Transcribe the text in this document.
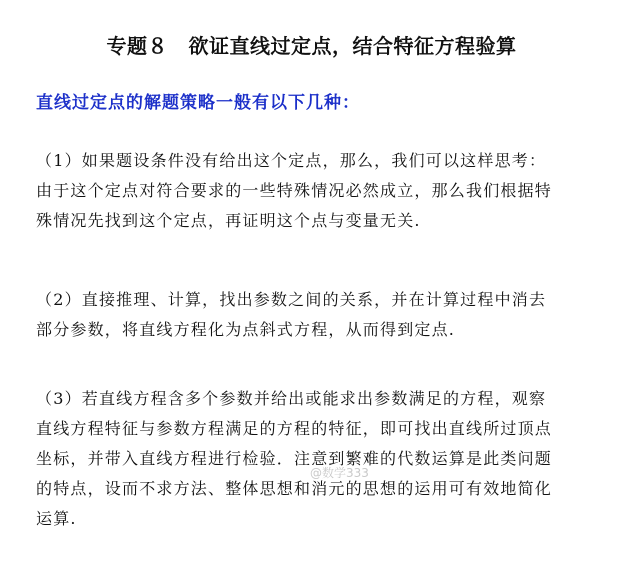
专题８　欲证直线过定点，结合特征方程验算
直线过定点的解题策略一般有以下几种：
（1）如果题设条件没有给出这个定点，那么，我们可以这样思考：
由于这个定点对符合要求的一些特殊情况必然成立，那么我们根据特
殊情况先找到这个定点，再证明这个点与变量无关.
（2）直接推理、计算，找出参数之间的关系，并在计算过程中消去
部分参数，将直线方程化为点斜式方程，从而得到定点.
（3）若直线方程含多个参数并给出或能求出参数满足的方程，观察
直线方程特征与参数方程满足的方程的特征，即可找出直线所过顶点
坐标，并带入直线方程进行检验．注意到繁难的代数运算是此类问题
的特点，设而不求方法、整体思想和消元的思想的运用可有效地简化
运算.
@数学333
